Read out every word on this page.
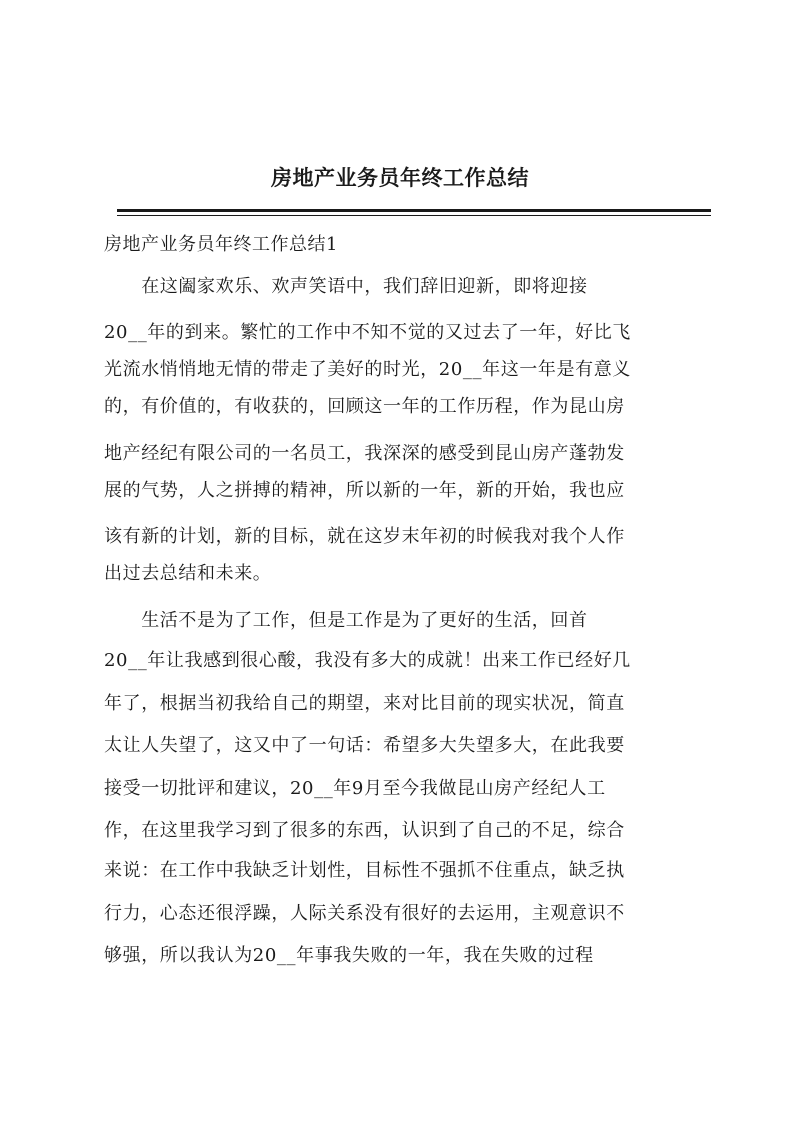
房地产业务员年终工作总结
房地产业务员年终工作总结1
　　在这阖家欢乐、欢声笑语中，我们辞旧迎新，即将迎接
20__年的到来。繁忙的工作中不知不觉的又过去了一年，好比飞
光流水悄悄地无情的带走了美好的时光，20__年这一年是有意义
的，有价值的，有收获的，回顾这一年的工作历程，作为昆山房
地产经纪有限公司的一名员工，我深深的感受到昆山房产蓬勃发
展的气势，人之拼搏的精神，所以新的一年，新的开始，我也应
该有新的计划，新的目标，就在这岁末年初的时候我对我个人作
出过去总结和未来。
　　生活不是为了工作，但是工作是为了更好的生活，回首
20__年让我感到很心酸，我没有多大的成就！出来工作已经好几
年了，根据当初我给自己的期望，来对比目前的现实状况，简直
太让人失望了，这又中了一句话：希望多大失望多大，在此我要
接受一切批评和建议，20__年9月至今我做昆山房产经纪人工
作，在这里我学习到了很多的东西，认识到了自己的不足，综合
来说：在工作中我缺乏计划性，目标性不强抓不住重点，缺乏执
行力，心态还很浮躁，人际关系没有很好的去运用，主观意识不
够强，所以我认为20__年事我失败的一年，我在失败的过程
